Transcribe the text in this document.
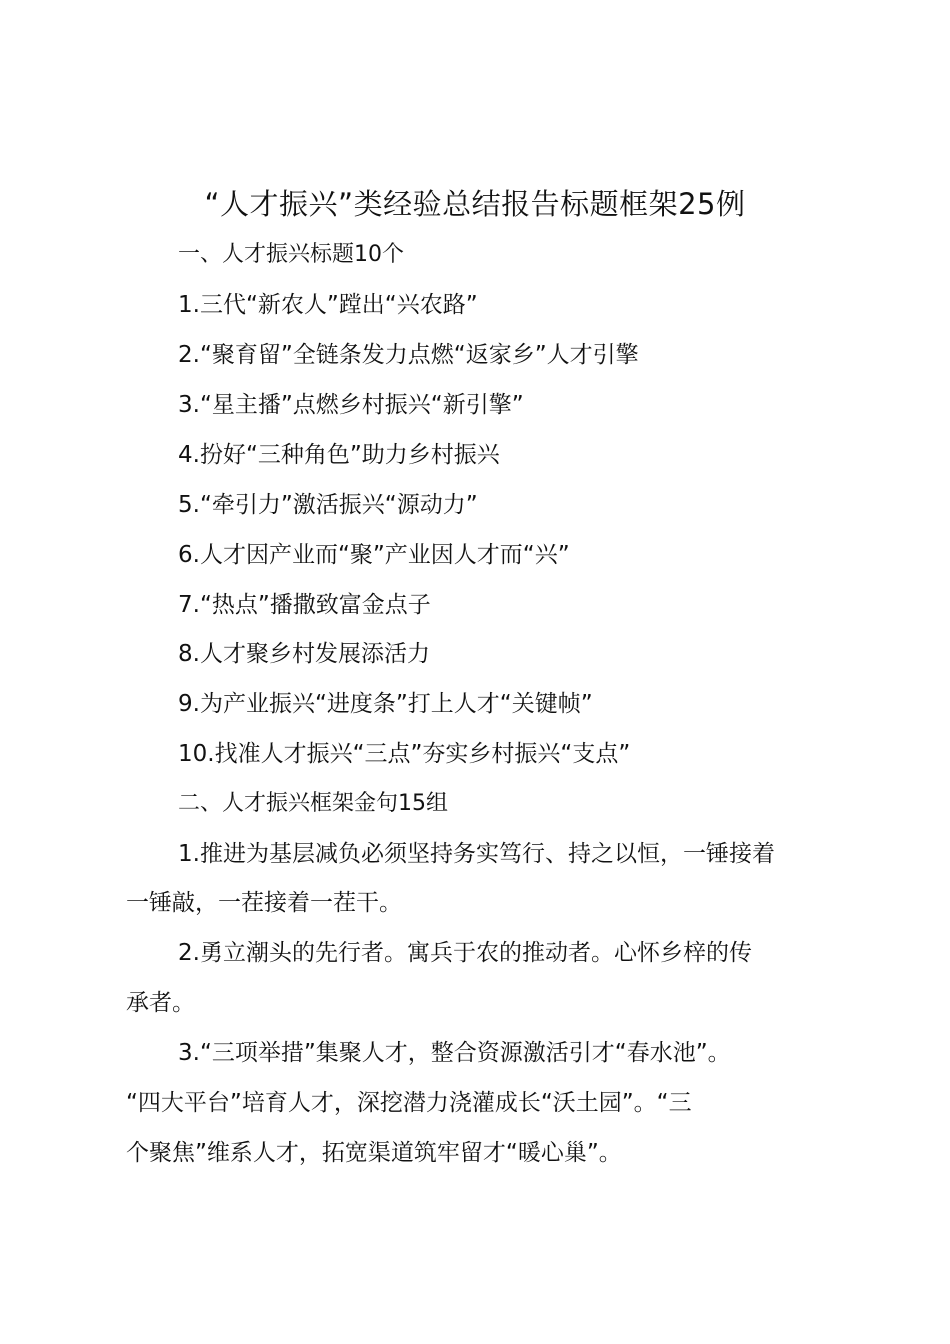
“人才振兴”类经验总结报告标题框架25例
一、人才振兴标题10个
1.三代“新农人”蹚出“兴农路”
2.“聚育留”全链条发力点燃“返家乡”人才引擎
3.“星主播”点燃乡村振兴“新引擎”
4.扮好“三种角色”助力乡村振兴
5.“牵引力”激活振兴“源动力”
6.人才因产业而“聚”产业因人才而“兴”
7.“热点”播撒致富金点子
8.人才聚乡村发展添活力
9.为产业振兴“进度条”打上人才“关键帧”
10.找准人才振兴“三点”夯实乡村振兴“支点”
二、人才振兴框架金句15组
1.推进为基层减负必须坚持务实笃行、持之以恒，一锤接着
一锤敲，一茬接着一茬干。
2.勇立潮头的先行者。寓兵于农的推动者。心怀乡梓的传
承者。
3.“三项举措”集聚人才，整合资源激活引才“春水池”。
“四大平台”培育人才，深挖潜力浇灌成长“沃土园”。“三
个聚焦”维系人才，拓宽渠道筑牢留才“暖心巢”。
